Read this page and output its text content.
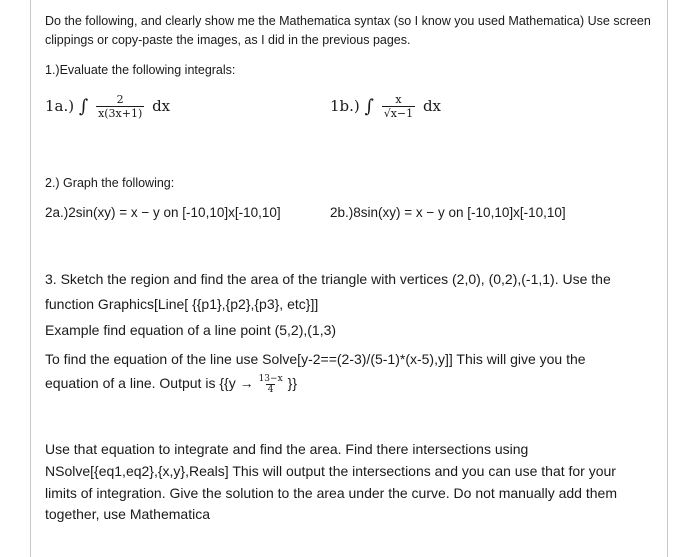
Do the following, and clearly show me the Mathematica syntax (so I know you used Mathematica) Use screen
clippings or copy-paste the images, as I did in the previous pages.
1.)Evaluate the following integrals:
1a.) ∫ $\frac{2}{x(3x+1)}$ dx	1b.) ∫ $\frac{x}{√x-1}$ dx
2.) Graph the following:
2a.)2sin(xy) = x − y on [-10,10]x[-10,10]	2b.)8sin(xy) = x − y on [-10,10]x[-10,10]
3. Sketch the region and find the area of the triangle with vertices (2,0), (0,2),(-1,1). Use the
function Graphics[Line[ {{p1},{p2},{p3}, etc}]]
Example find equation of a line point (5,2),(1,3)
To find the equation of the line use Solve[y-2==(2-3)/(5-1)*(x-5),y]] This will give you the
equation of a line. Output is {{$y \to \frac{13-x}{4}$ }}
Use that equation to integrate and find the area. Find there intersections using
NSolve[{eq1,eq2},{x,y},Reals] This will output the intersections and you can use that for your
limits of integration. Give the solution to the area under the curve. Do not manually add them
together, use Mathematica
